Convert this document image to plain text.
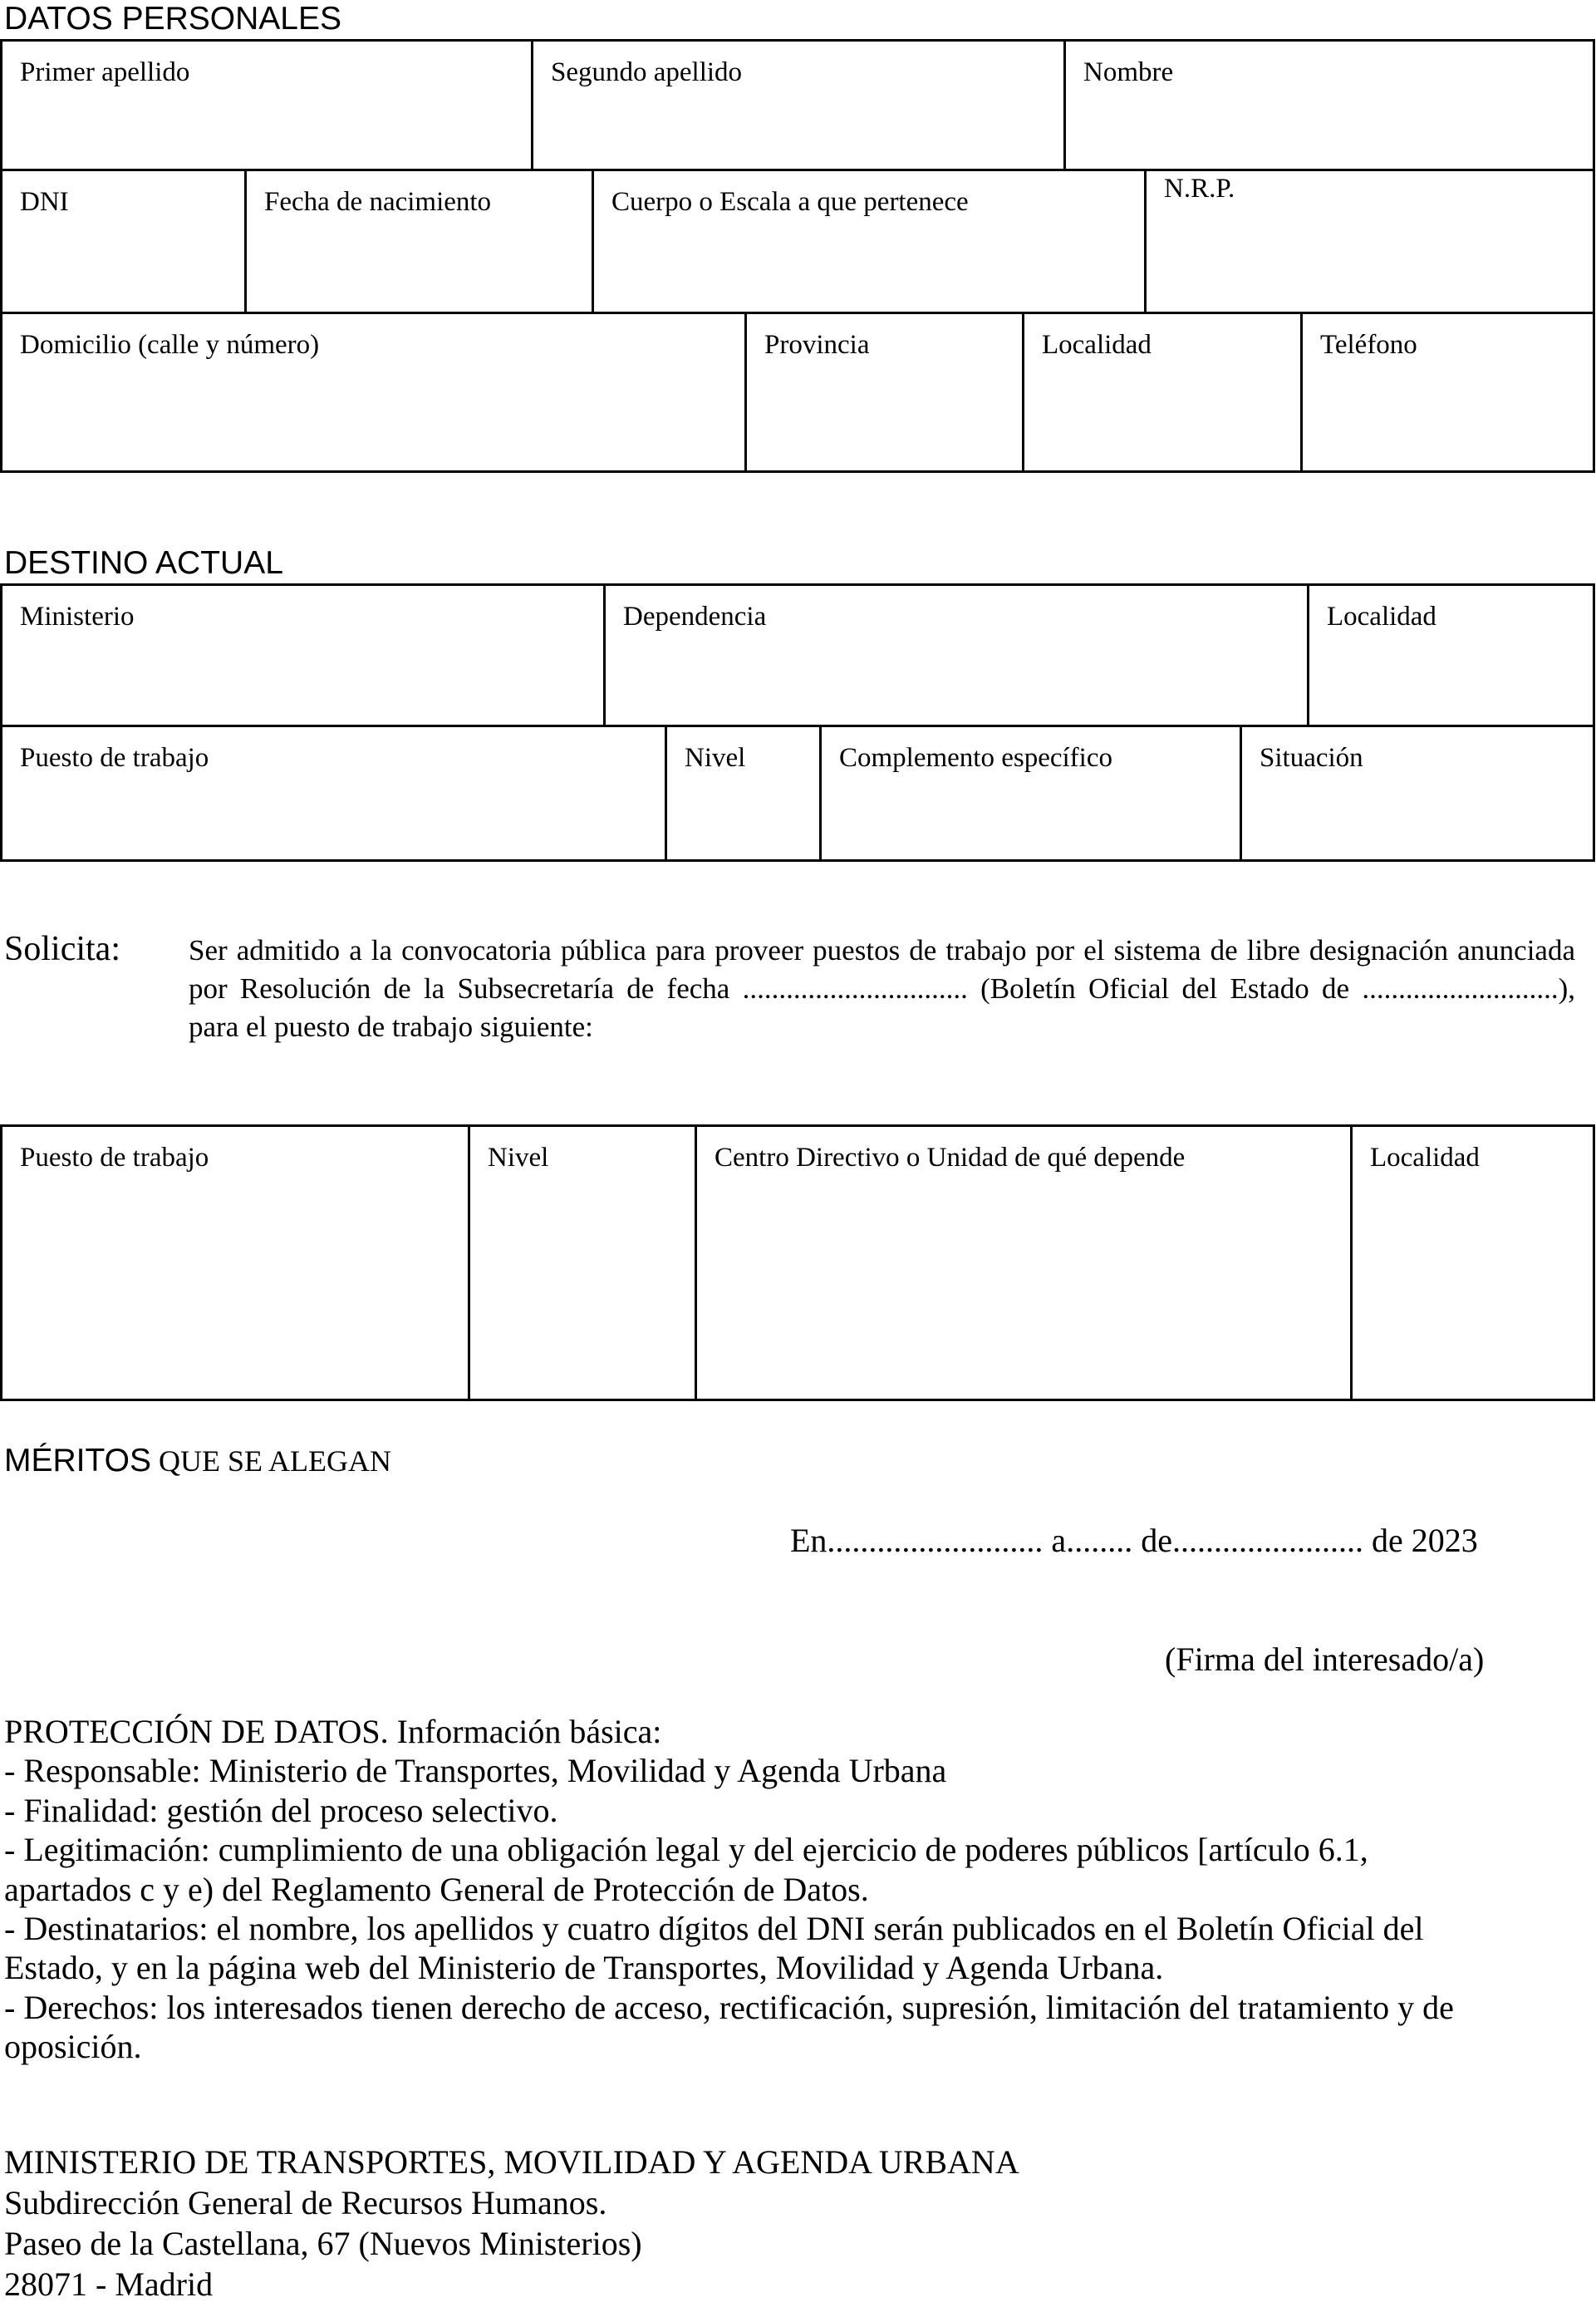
DATOS PERSONALES
Primer apellido	Segundo apellido	Nombre
DNI	Fecha de nacimiento	Cuerpo o Escala a que pertenece	N.R.P.
Domicilio (calle y número)	Provincia	Localidad	Teléfono
DESTINO ACTUAL
Ministerio	Dependencia	Localidad
Puesto de trabajo	Nivel	Complemento específico	Situación
Solicita: Ser admitido a la convocatoria pública para proveer puestos de trabajo por el sistema de libre designación anunciada
por Resolución de la Subsecretaría de fecha ............................... (Boletín Oficial del Estado de ...........................),
para el puesto de trabajo siguiente:
Puesto de trabajo	Nivel	Centro Directivo o Unidad de qué depende	Localidad
MÉRITOS QUE SE ALEGAN
En.......................... a........ de....................... de 2023
(Firma del interesado/a)
PROTECCIÓN DE DATOS. Información básica:
- Responsable: Ministerio de Transportes, Movilidad y Agenda Urbana
- Finalidad: gestión del proceso selectivo.
- Legitimación: cumplimiento de una obligación legal y del ejercicio de poderes públicos [artículo 6.1,
apartados c y e) del Reglamento General de Protección de Datos.
- Destinatarios: el nombre, los apellidos y cuatro dígitos del DNI serán publicados en el Boletín Oficial del
Estado, y en la página web del Ministerio de Transportes, Movilidad y Agenda Urbana.
- Derechos: los interesados tienen derecho de acceso, rectificación, supresión, limitación del tratamiento y de
oposición.
MINISTERIO DE TRANSPORTES, MOVILIDAD Y AGENDA URBANA
Subdirección General de Recursos Humanos.
Paseo de la Castellana, 67 (Nuevos Ministerios)
28071 - Madrid
